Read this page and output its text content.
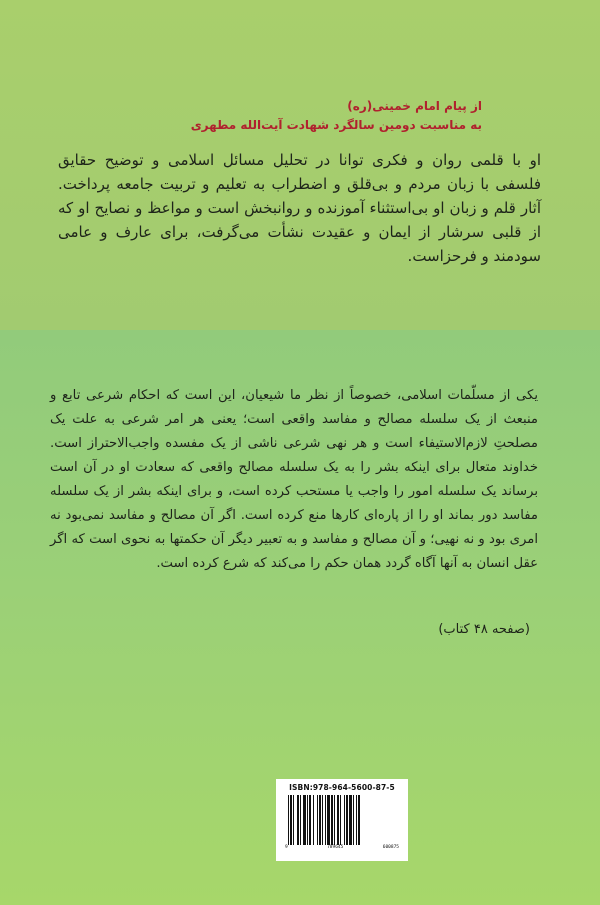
از پیام امام خمینی(ره)
به مناسبت دومین سالگرد شهادت آیت‌الله مطهری
او با قلمی روان و فکری توانا در تحلیل مسائل اسلامی و توضیح حقایق فلسفی با زبان مردم و بی‌قلق و اضطراب به تعلیم و تربیت جامعه پرداخت. آثار قلم و زبان او بی‌استثناء آموزنده و روانبخش است و مواعظ و نصایح او که از قلبی سرشار از ایمان و عقیدت نشأت می‌گرفت، برای عارف و عامی سودمند و فرحزاست.
یکی از مسلّمات اسلامی، خصوصاً از نظر ما شیعیان، این است که احکام شرعی تابع و منبعث از یک سلسله مصالح و مفاسد واقعی است؛ یعنی هر امر شرعی به علت یک مصلحتِ لازم‌الاستیفاء است و هر نهی شرعی ناشی از یک مفسده واجب‌الاحتراز است. خداوند متعال برای اینکه بشر را به یک سلسله مصالح واقعی که سعادت او در آن است برساند یک سلسله امور را واجب یا مستحب کرده است، و برای اینکه بشر از یک سلسله مفاسد دور بماند او را از پاره‌ای کارها منع کرده است. اگر آن مصالح و مفاسد نمی‌بود نه امری بود و نه نهیی؛ و آن مصالح و مفاسد و به تعبیر دیگر آن حکمتها به نحوی است که اگر عقل انسان به آنها آگاه گردد همان حکم را می‌کند که شرع کرده است.
(صفحه ۴۸ کتاب)
ISBN:978-964-5600-87-5
9	789645	600875
